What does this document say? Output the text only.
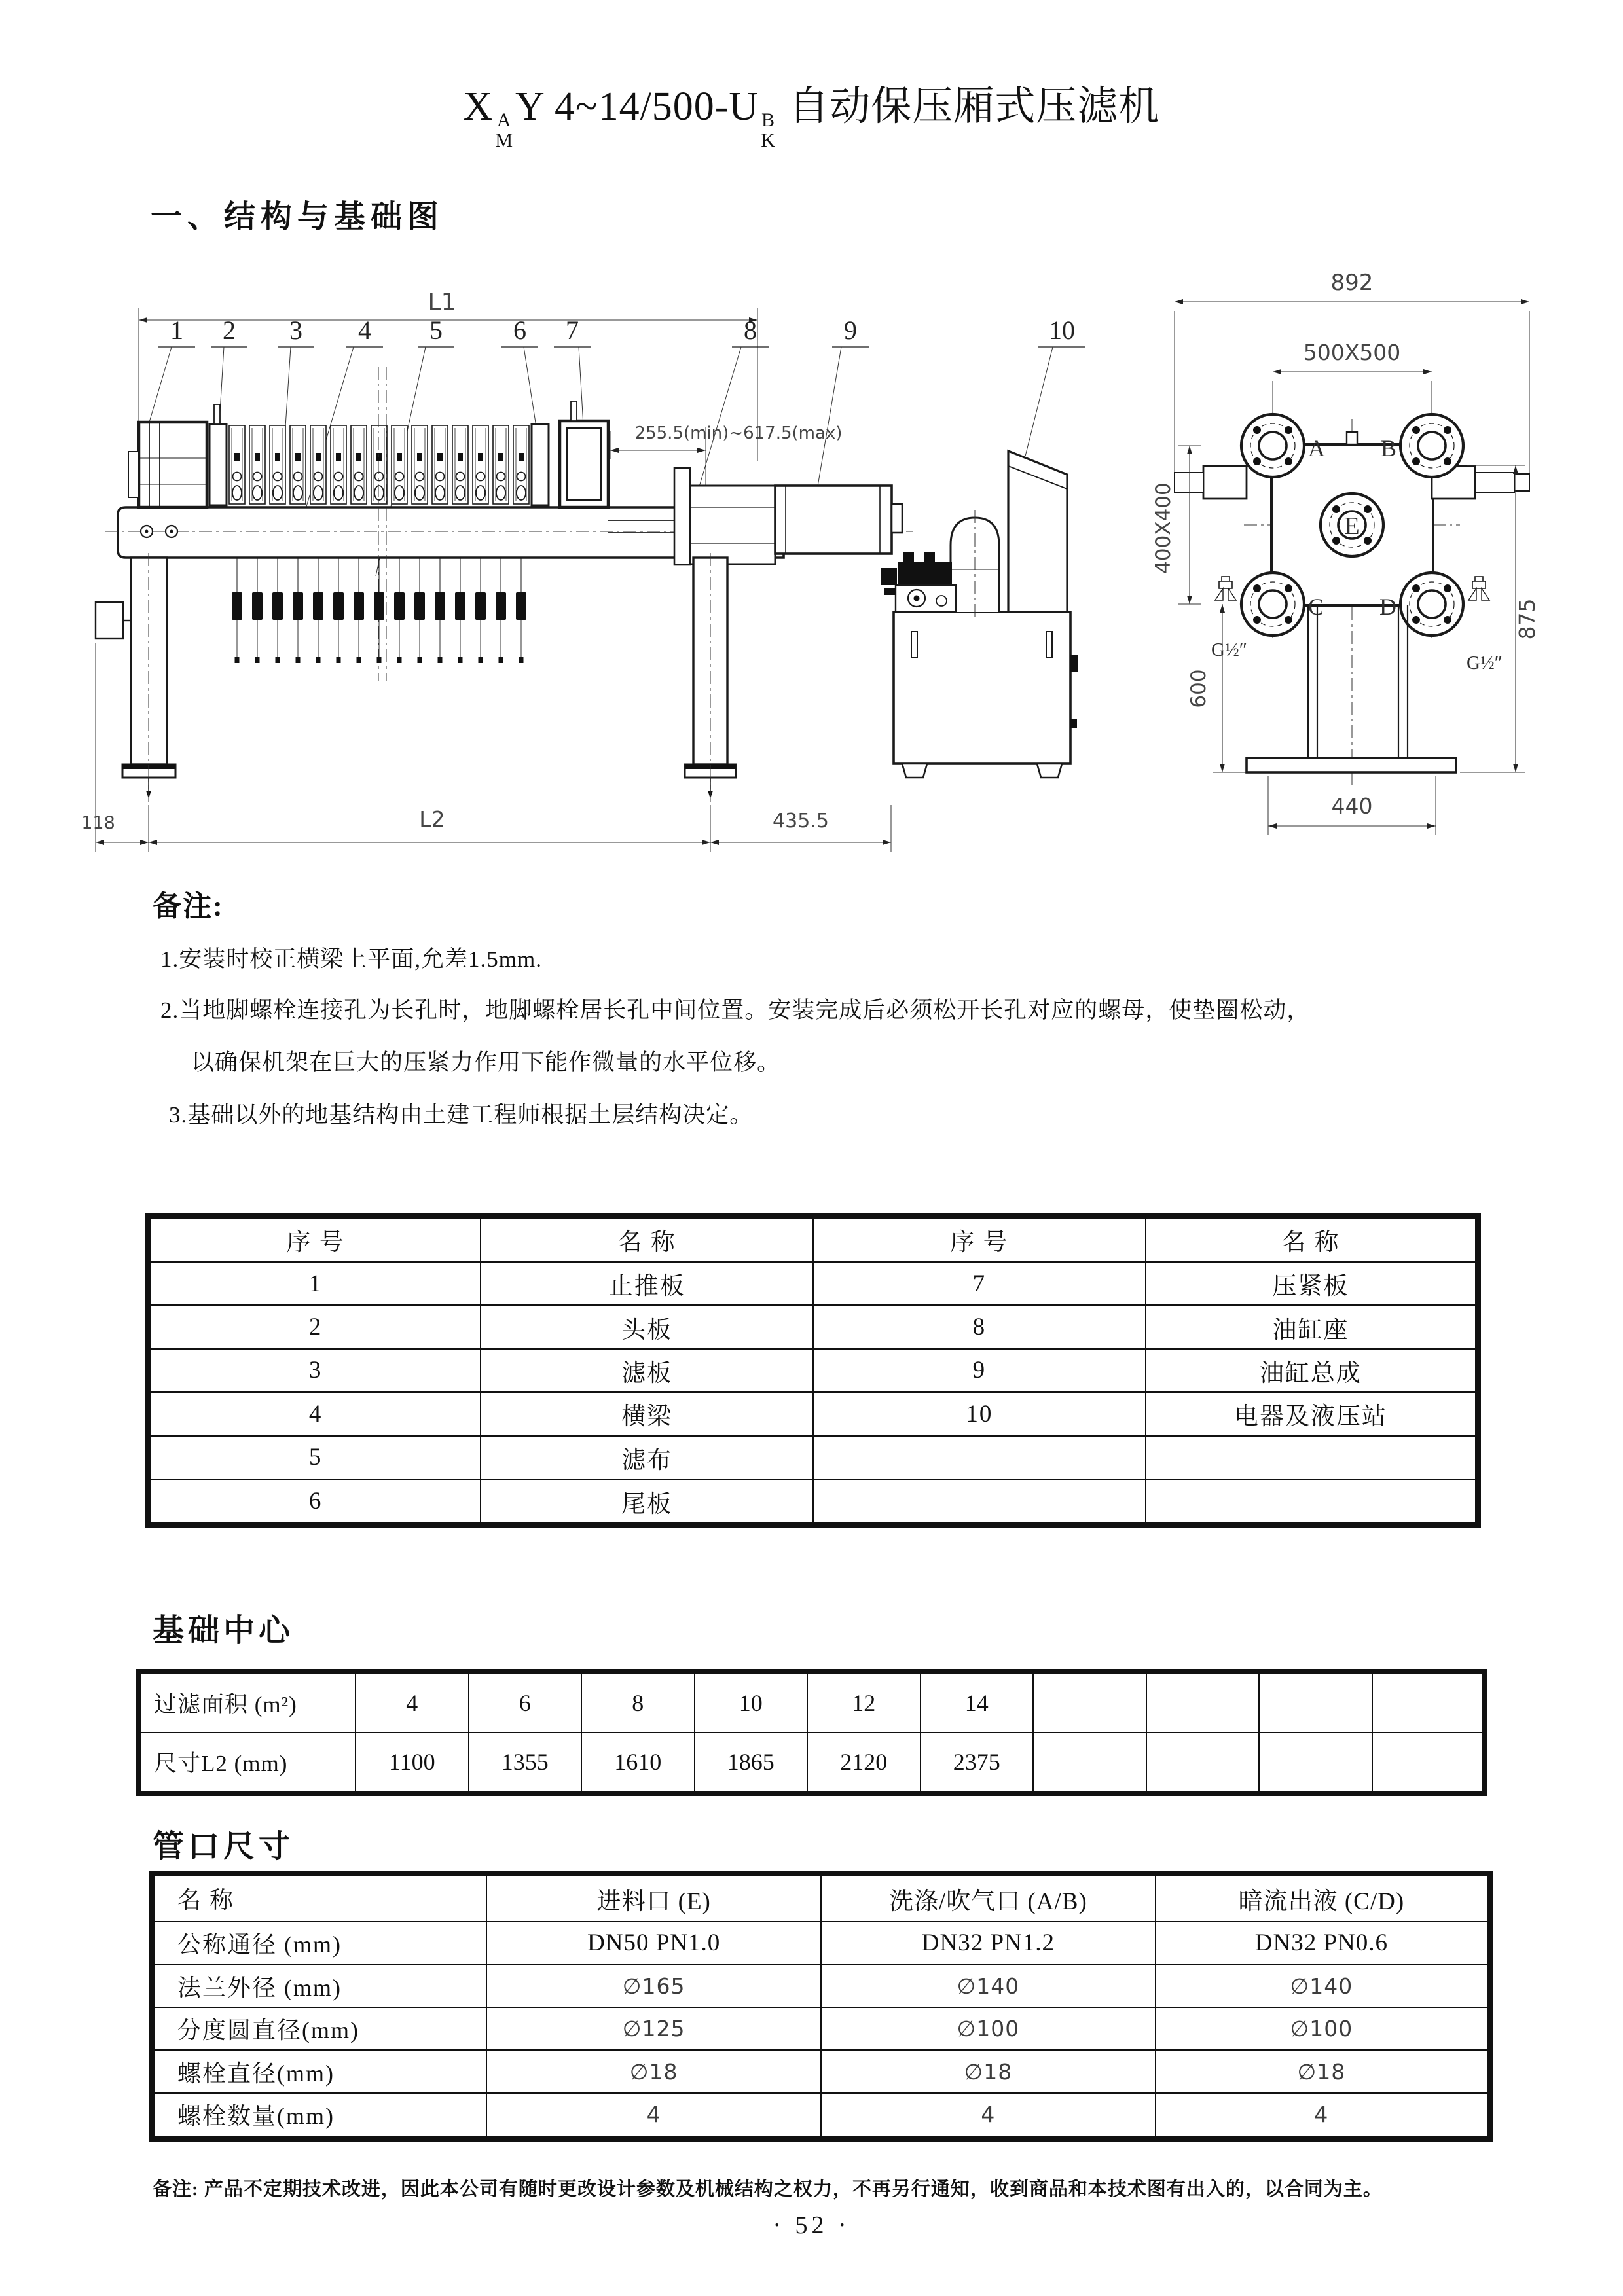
X A
M
Y 4~14/500-U B
K
自动保压厢式压滤机
一、结构与基础图
L1
1 2 3 4 5	6 7	8	9	10
255.5(min)~617.5(max)
118	L2	435.5
892
500X500
A B
C D
E
G½″
G½″
400X400
600
875
440
备注:
1.安装时校正横梁上平面,允差1.5mm.
2.当地脚螺栓连接孔为长孔时，地脚螺栓居长孔中间位置。安装完成后必须松开长孔对应的螺母，使垫圈松动，
以确保机架在巨大的压紧力作用下能作微量的水平位移。
3.基础以外的地基结构由土建工程师根据土层结构决定。
序 号	名 称	序 号	名 称
1	止推板	7	压紧板
2	头板	8	油缸座
3	滤板	9	油缸总成
4	横梁	10	电器及液压站
5	滤布		
6	尾板		
基础中心
过滤面积 (m²)	4	6	8	10	12	14				
尺寸L2 (mm)	1100	1355	1610	1865	2120	2375				
管口尺寸
名 称	进料口 (E)	洗涤/吹气口 (A/B)	暗流出液 (C/D)
公称通径 (mm)	DN50 PN1.0	DN32 PN1.2	DN32 PN0.6
法兰外径 (mm)	∅165	∅140	∅140
分度圆直径(mm)	∅125	∅100	∅100
螺栓直径(mm)	∅18	∅18	∅18
螺栓数量(mm)	4	4	4
备注: 产品不定期技术改进，因此本公司有随时更改设计参数及机械结构之权力，不再另行通知，收到商品和本技术图有出入的，以合同为主。
· 52 ·
